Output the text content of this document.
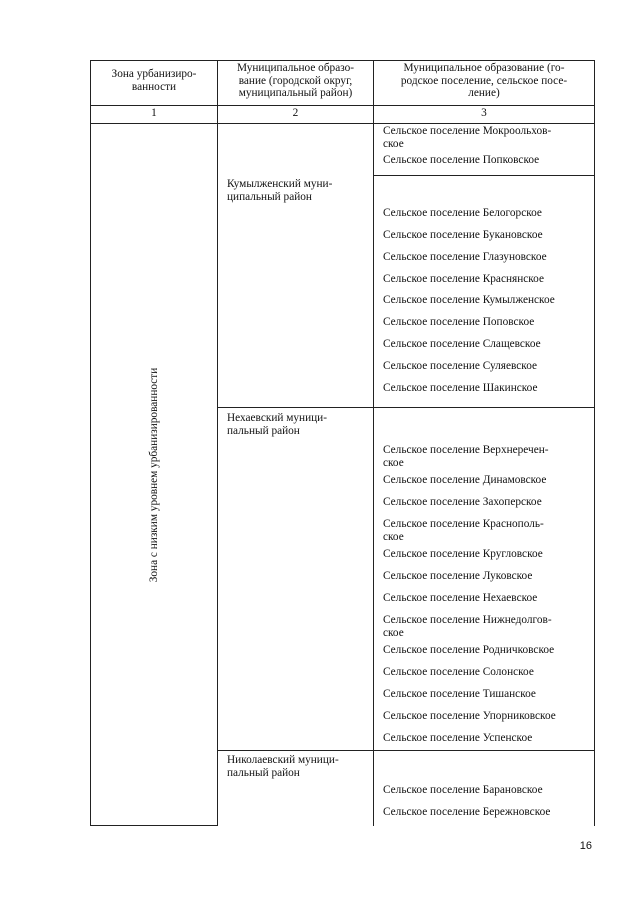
Зона урбанизиро-
ванности
Муниципальное образо-
вание (городской округ,
муниципальный район)
Муниципальное образование (го-
родское поселение, сельское посе-
ление)
1	2	3
Зона с низким уровнем урбанизированности
Кумылженский муни-
ципальный район
Нехаевский муници-
пальный район
Николаевский муници-
пальный район
Сельское поселение Мокроольхов-
ское
Сельское поселение Попковское
Сельское поселение Белогорское
Сельское поселение Букановское
Сельское поселение Глазуновское
Сельское поселение Краснянское
Сельское поселение Кумылженское
Сельское поселение Поповское
Сельское поселение Слащевское
Сельское поселение Суляевское
Сельское поселение Шакинское
Сельское поселение Верхнеречен-
ское
Сельское поселение Динамовское
Сельское поселение Захоперское
Сельское поселение Краснополь-
ское
Сельское поселение Кругловское
Сельское поселение Луковское
Сельское поселение Нехаевское
Сельское поселение Нижнедолгов-
ское
Сельское поселение Родничковское
Сельское поселение Солонское
Сельское поселение Тишанское
Сельское поселение Упорниковское
Сельское поселение Успенское
Сельское поселение Барановское
Сельское поселение Бережновское
16
